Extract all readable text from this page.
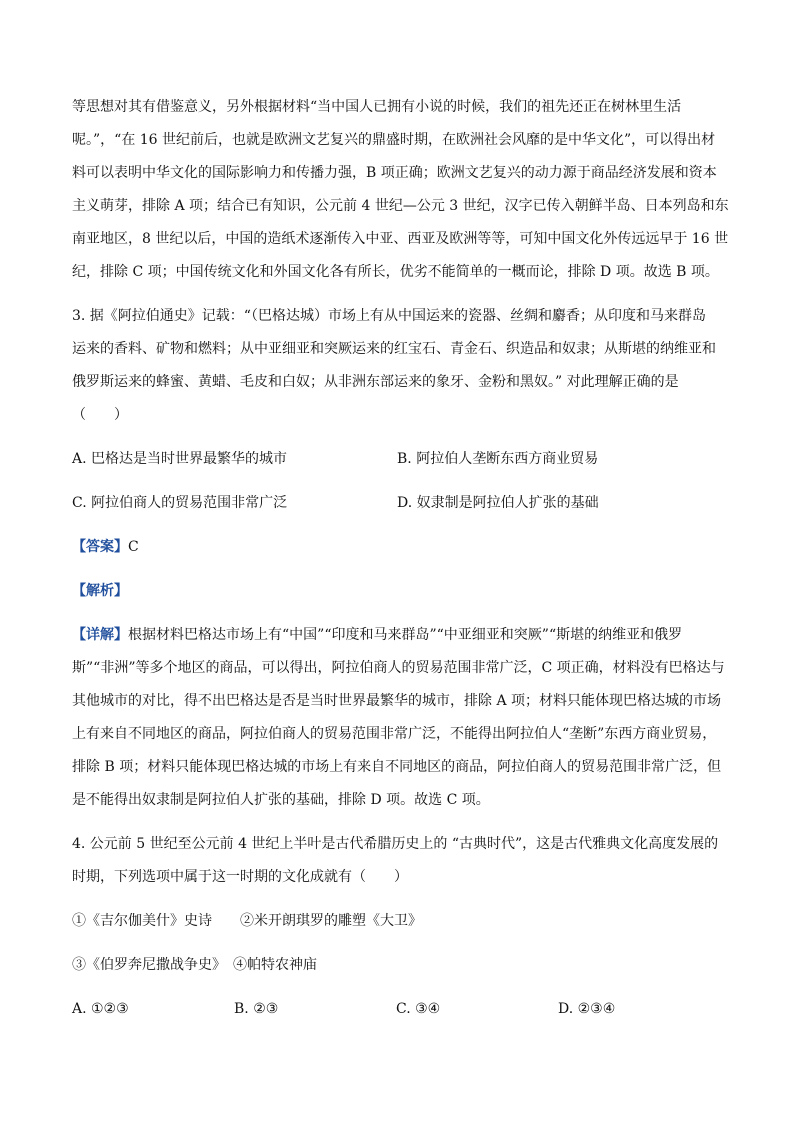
等思想对其有借鉴意义，另外根据材料“当中国人已拥有小说的时候，我们的祖先还正在树林里生活

呢。”，“在 16 世纪前后，也就是欧洲文艺复兴的鼎盛时期，在欧洲社会风靡的是中华文化”，可以得出材

料可以表明中华文化的国际影响力和传播力强，B 项正确；欧洲文艺复兴的动力源于商品经济发展和资本

主义萌芽，排除 A 项；结合已有知识，公元前 4 世纪—公元 3 世纪，汉字已传入朝鲜半岛、日本列岛和东

南亚地区，8 世纪以后，中国的造纸术逐渐传入中亚、西亚及欧洲等等，可知中国文化外传远远早于 16 世

纪，排除 C 项；中国传统文化和外国文化各有所长，优劣不能简单的一概而论，排除 D 项。故选 B 项。

3. 据《阿拉伯通史》记载：“（巴格达城）市场上有从中国运来的瓷器、丝绸和麝香；从印度和马来群岛

运来的香料、矿物和燃料；从中亚细亚和突厥运来的红宝石、青金石、织造品和奴隶；从斯堪的纳维亚和

俄罗斯运来的蜂蜜、黄蜡、毛皮和白奴；从非洲东部运来的象牙、金粉和黑奴。” 对此理解正确的是

（　　）

A. 巴格达是当时世界最繁华的城市	B. 阿拉伯人垄断东西方商业贸易
C. 阿拉伯商人的贸易范围非常广泛	D. 奴隶制是阿拉伯人扩张的基础

【答案】C

【解析】

【详解】根据材料巴格达市场上有“中国”“印度和马来群岛”“中亚细亚和突厥”“斯堪的纳维亚和俄罗

斯”“非洲”等多个地区的商品，可以得出，阿拉伯商人的贸易范围非常广泛，C 项正确，材料没有巴格达与

其他城市的对比，得不出巴格达是否是当时世界最繁华的城市，排除 A 项；材料只能体现巴格达城的市场

上有来自不同地区的商品，阿拉伯商人的贸易范围非常广泛，不能得出阿拉伯人“垄断”东西方商业贸易，

排除 B 项；材料只能体现巴格达城的市场上有来自不同地区的商品，阿拉伯商人的贸易范围非常广泛，但

是不能得出奴隶制是阿拉伯人扩张的基础，排除 D 项。故选 C 项。

4. 公元前 5 世纪至公元前 4 世纪上半叶是古代希腊历史上的 “古典时代”，这是古代雅典文化高度发展的

时期，下列选项中属于这一时期的文化成就有（　　）

①《吉尔伽美什》史诗　　②米开朗琪罗的雕塑《大卫》

③《伯罗奔尼撒战争史》　④帕特农神庙

A. ①②③	B. ②③	C. ③④	D. ②③④
